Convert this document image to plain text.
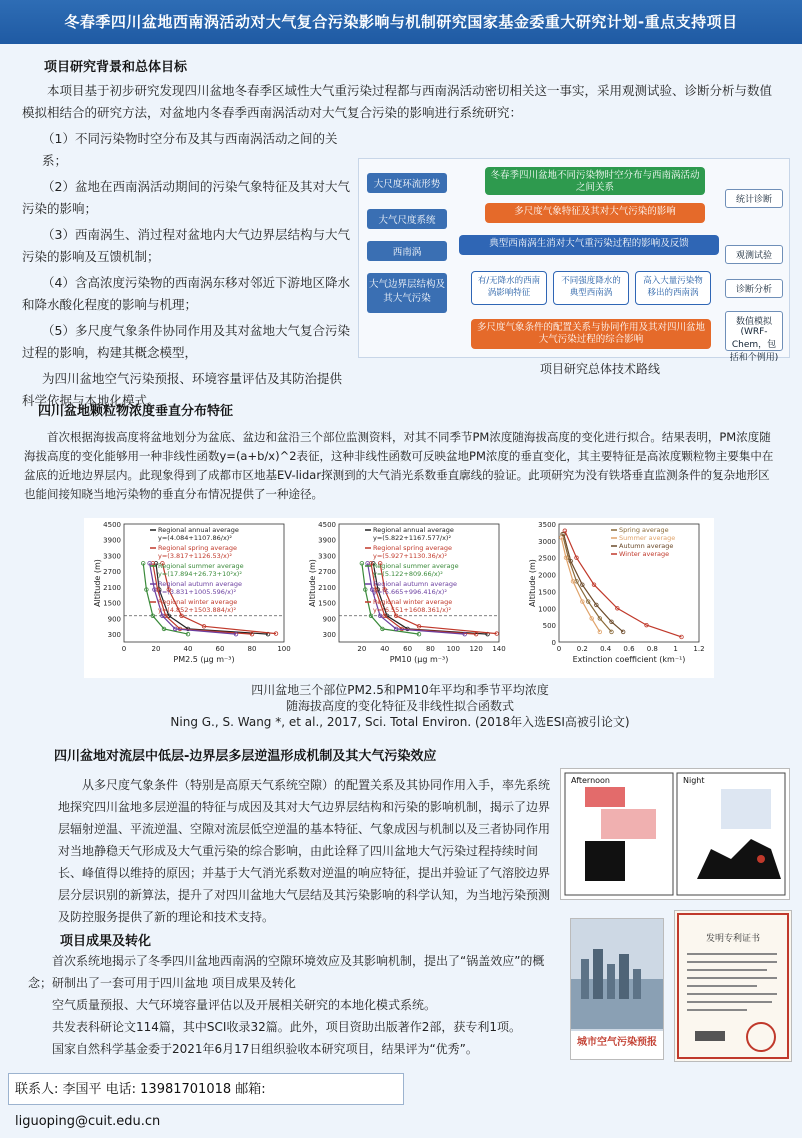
冬春季四川盆地西南涡活动对大气复合污染影响与机制研究国家基金委重大研究计划-重点支持项目
项目研究背景和总体目标

本项目基于初步研究发现四川盆地冬春季区域性大气重污染过程都与西南涡活动密切相关这一事实，采用观测试验、诊断分析与数值模拟相结合的研究方法，对盆地内冬春季西南涡活动对大气复合污染的影响进行系统研究：

（1）不同污染物时空分布及其与西南涡活动之间的关系；

（2）盆地在西南涡活动期间的污染气象特征及其对大气污染的影响；

（3）西南涡生、消过程对盆地内大气边界层结构与大气污染的影响及互馈机制；

（4）含高浓度污染物的西南涡东移对邻近下游地区降水和降水酸化程度的影响与机理；

（5）多尺度气象条件协同作用及其对盆地大气复合污染过程的影响，构建其概念模型，

为四川盆地空气污染预报、环境容量评估及其防治提供科学依据与本地化模式。

大尺度环流形势
大气尺度系统
西南涡
大气边界层结构及其大气污染
冬春季四川盆地不同污染物时空分布与西南涡活动之间关系
多尺度气象特征及其对大气污染的影响
典型西南涡生消对大气重污染过程的影响及反馈
有/无降水的西南涡影响特征
不同强度降水的典型西南涡
高入大量污染物移出的西南涡
多尺度气象条件的配置关系与协同作用及其对四川盆地大气污染过程的综合影响
统计诊断
观测试验
诊断分析
数值模拟 (WRF-Chem，包括和个例用)
项目研究总体技术路线
四川盆地颗粒物浓度垂直分布特征

首次根据海拔高度将盆地划分为盆底、盆边和盆沿三个部位监测资料，对其不同季节PM浓度随海拔高度的变化进行拟合。结果表明，PM浓度随海拔高度的变化能够用一种非线性函数y=(a+b/x)^2表征，这种非线性函数可反映盆地PM浓度的垂直变化，其主要特征是高浓度颗粒物主要集中在盆底的近地边界层内。此现象得到了成都市区地基EV-lidar探测到的大气消光系数垂直廓线的验证。此项研究为没有铁塔垂直监测条件的复杂地形区也能间接知晓当地污染物的垂直分布情况提供了一种途径。

300
900
1500
2100
2700
3300
3900
4500
0	20	40	60	80	100
PM2.5 (μg m⁻³)
Altitude (m)
Regional annual average
y=(4.084+1107.86/x)²
Regional spring average
y=(3.817+1126.53/x)²
Regional summer average
y=(17.894+26.73+10²x)²
Regional autumn average
y=(3.831+1005.596/x)²
Regional winter average
y=(4.852+1503.884/x)²
300
900
1500
2100
2700
3300
3900
4500
20 40 60 80 100 120 140
PM10 (μg m⁻³)
Altitude (m)
Regional annual average
y=(5.822+1167.577/x)²
Regional spring average
y=(5.927+1130.36/x)²
Regional summer average
y=(5.122+809.66/x)²
Regional autumn average
y=(5.665+996.416/x)²
Regional winter average
y=(6.551+1608.361/x)²
0
500
1000
1500
2000
2500
3000
3500
0 0.2 0.4 0.6 0.8 1 1.2
Extinction coefficient (km⁻¹)
Altitude (m)
Spring average
Summer average
Autumn average
Winter average
四川盆地三个部位PM2.5和PM10年平均和季节平均浓度
随海拔高度的变化特征及非线性拟合函数式
Ning G., S. Wang *, et al., 2017, Sci. Total Environ. (2018年入选ESI高被引论文)
四川盆地对流层中低层-边界层多层逆温形成机制及其大气污染效应

从多尺度气象条件（特别是高原天气系统空隙）的配置关系及其协同作用入手，率先系统地探究四川盆地多层逆温的特征与成因及其对大气边界层结构和污染的影响机制，揭示了边界层辐射逆温、平流逆温、空隙对流层低空逆温的基本特征、气象成因与机制以及三者协同作用对当地静稳天气形成及大气重污染的综合影响，由此诠释了四川盆地大气污染过程持续时间长、峰值得以维持的原因；并基于大气消光系数对逆温的响应特征，提出并验证了气溶胶边界层分层识别的新算法，提升了对四川盆地大气层结及其污染影响的科学认知，为当地污染预测及防控服务提供了新的理论和技术支持。

Afternoon	Night
项目成果及转化

首次系统地揭示了冬季四川盆地西南涡的空隙环境效应及其影响机制，提出了“锅盖效应”的概念；研制出了一套可用于四川盆地 项目成果及转化

空气质量预报、大气环境容量评估以及开展相关研究的本地化模式系统。

共发表科研论文114篇，其中SCI收录32篇。此外，项目资助出版著作2部，获专利1项。

国家自然科学基金委于2021年6月17日组织验收本研究项目，结果评为“优秀”。	城市空气污染预报
发明专利证书
联系人: 李国平 电话: 13981701018 邮箱: liguoping@cuit.edu.cn
